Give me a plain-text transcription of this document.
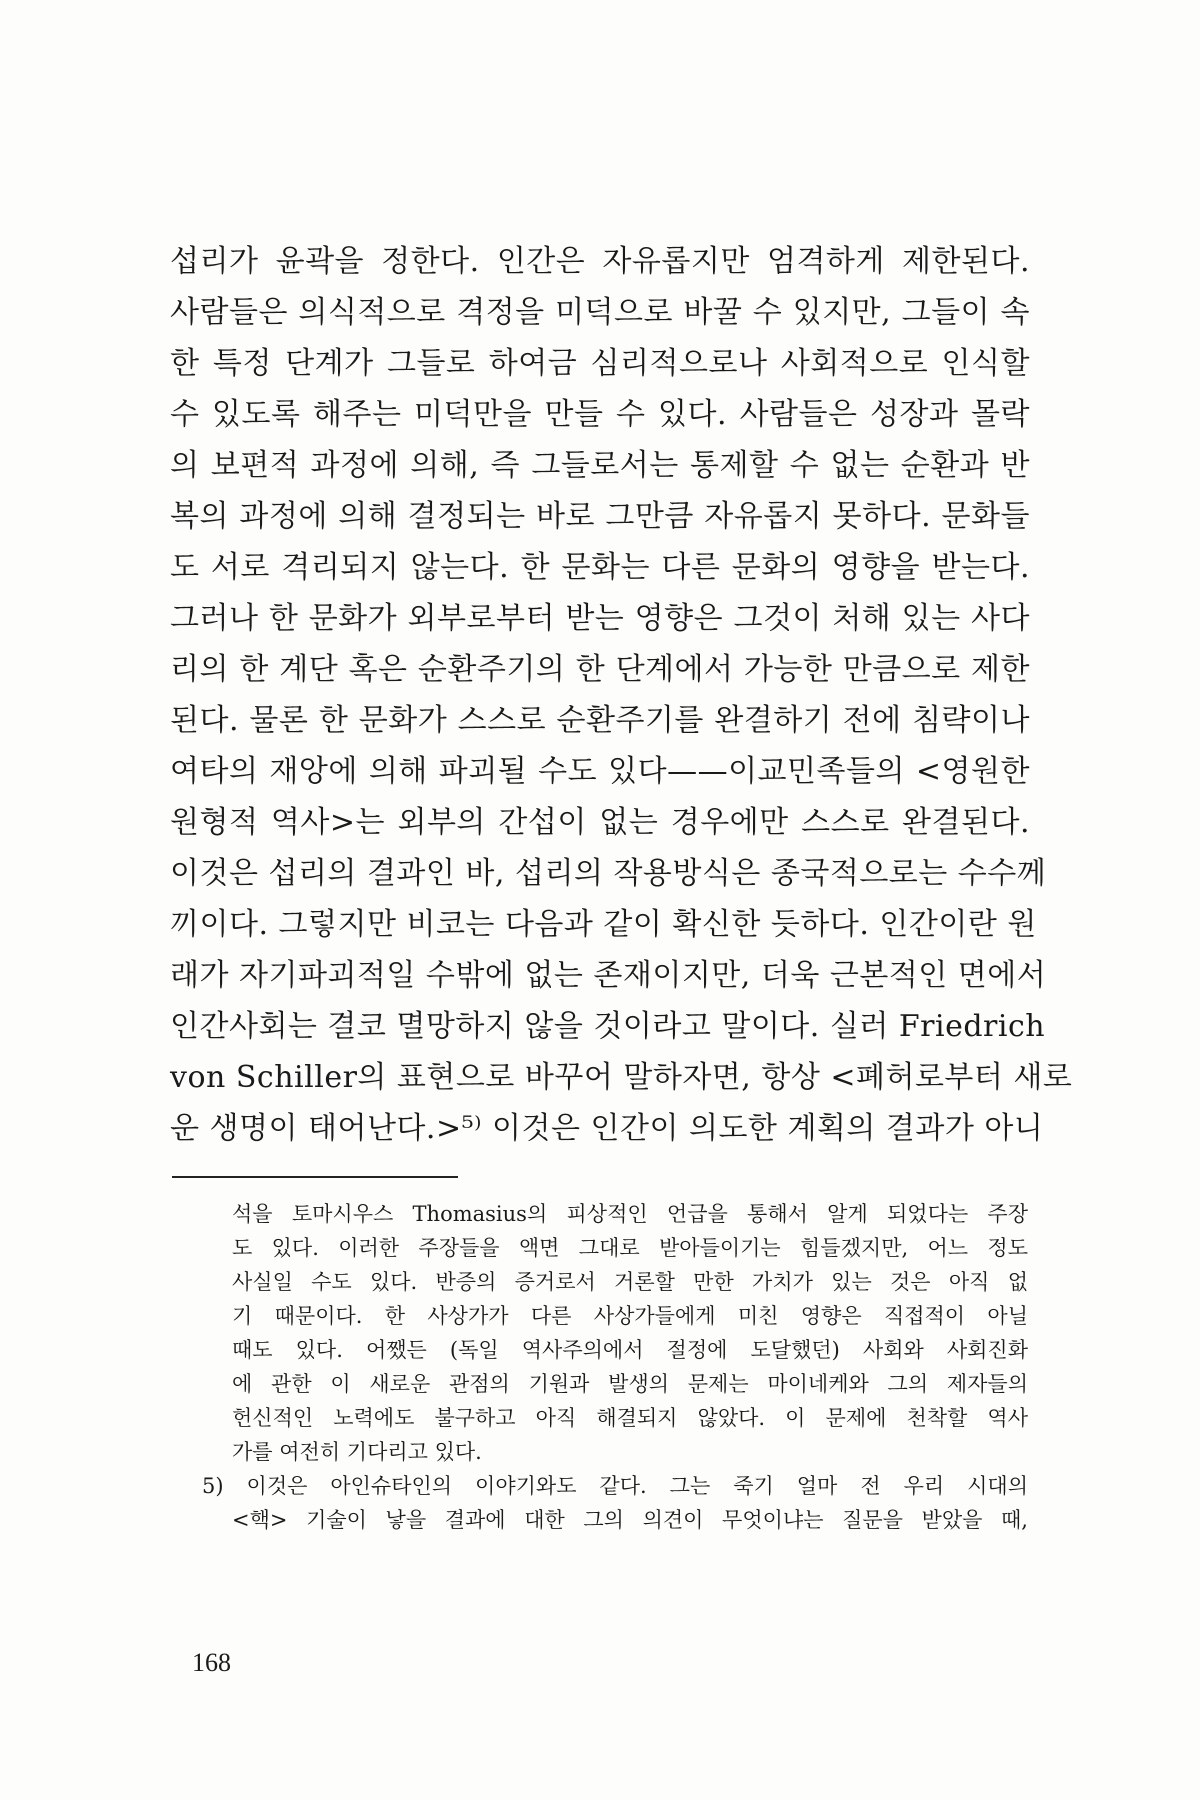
섭리가 윤곽을 정한다. 인간은 자유롭지만 엄격하게 제한된다.
사람들은 의식적으로 격정을 미덕으로 바꿀 수 있지만, 그들이 속
한 특정 단계가 그들로 하여금 심리적으로나 사회적으로 인식할
수 있도록 해주는 미덕만을 만들 수 있다. 사람들은 성장과 몰락
의 보편적 과정에 의해, 즉 그들로서는 통제할 수 없는 순환과 반
복의 과정에 의해 결정되는 바로 그만큼 자유롭지 못하다. 문화들
도 서로 격리되지 않는다. 한 문화는 다른 문화의 영향을 받는다.
그러나 한 문화가 외부로부터 받는 영향은 그것이 처해 있는 사다
리의 한 계단 혹은 순환주기의 한 단계에서 가능한 만큼으로 제한
된다. 물론 한 문화가 스스로 순환주기를 완결하기 전에 침략이나
여타의 재앙에 의해 파괴될 수도 있다——이교민족들의 <영원한
원형적 역사>는 외부의 간섭이 없는 경우에만 스스로 완결된다.
이것은 섭리의 결과인 바, 섭리의 작용방식은 종국적으로는 수수께
끼이다. 그렇지만 비코는 다음과 같이 확신한 듯하다. 인간이란 원
래가 자기파괴적일 수밖에 없는 존재이지만, 더욱 근본적인 면에서
인간사회는 결코 멸망하지 않을 것이라고 말이다. 실러 Friedrich
von Schiller의 표현으로 바꾸어 말하자면, 항상 <폐허로부터 새로
운 생명이 태어난다.>⁵⁾ 이것은 인간이 의도한 계획의 결과가 아니
석을 토마시우스 Thomasius의 피상적인 언급을 통해서 알게 되었다는 주장
도 있다. 이러한 주장들을 액면 그대로 받아들이기는 힘들겠지만, 어느 정도
사실일 수도 있다. 반증의 증거로서 거론할 만한 가치가 있는 것은 아직 없
기 때문이다. 한 사상가가 다른 사상가들에게 미친 영향은 직접적이 아닐
때도 있다. 어쨌든 (독일 역사주의에서 절정에 도달했던) 사회와 사회진화
에 관한 이 새로운 관점의 기원과 발생의 문제는 마이네케와 그의 제자들의
헌신적인 노력에도 불구하고 아직 해결되지 않았다. 이 문제에 천착할 역사
가를 여전히 기다리고 있다.
5) 이것은 아인슈타인의 이야기와도 같다. 그는 죽기 얼마 전 우리 시대의
<핵> 기술이 낳을 결과에 대한 그의 의견이 무엇이냐는 질문을 받았을 때,
168
